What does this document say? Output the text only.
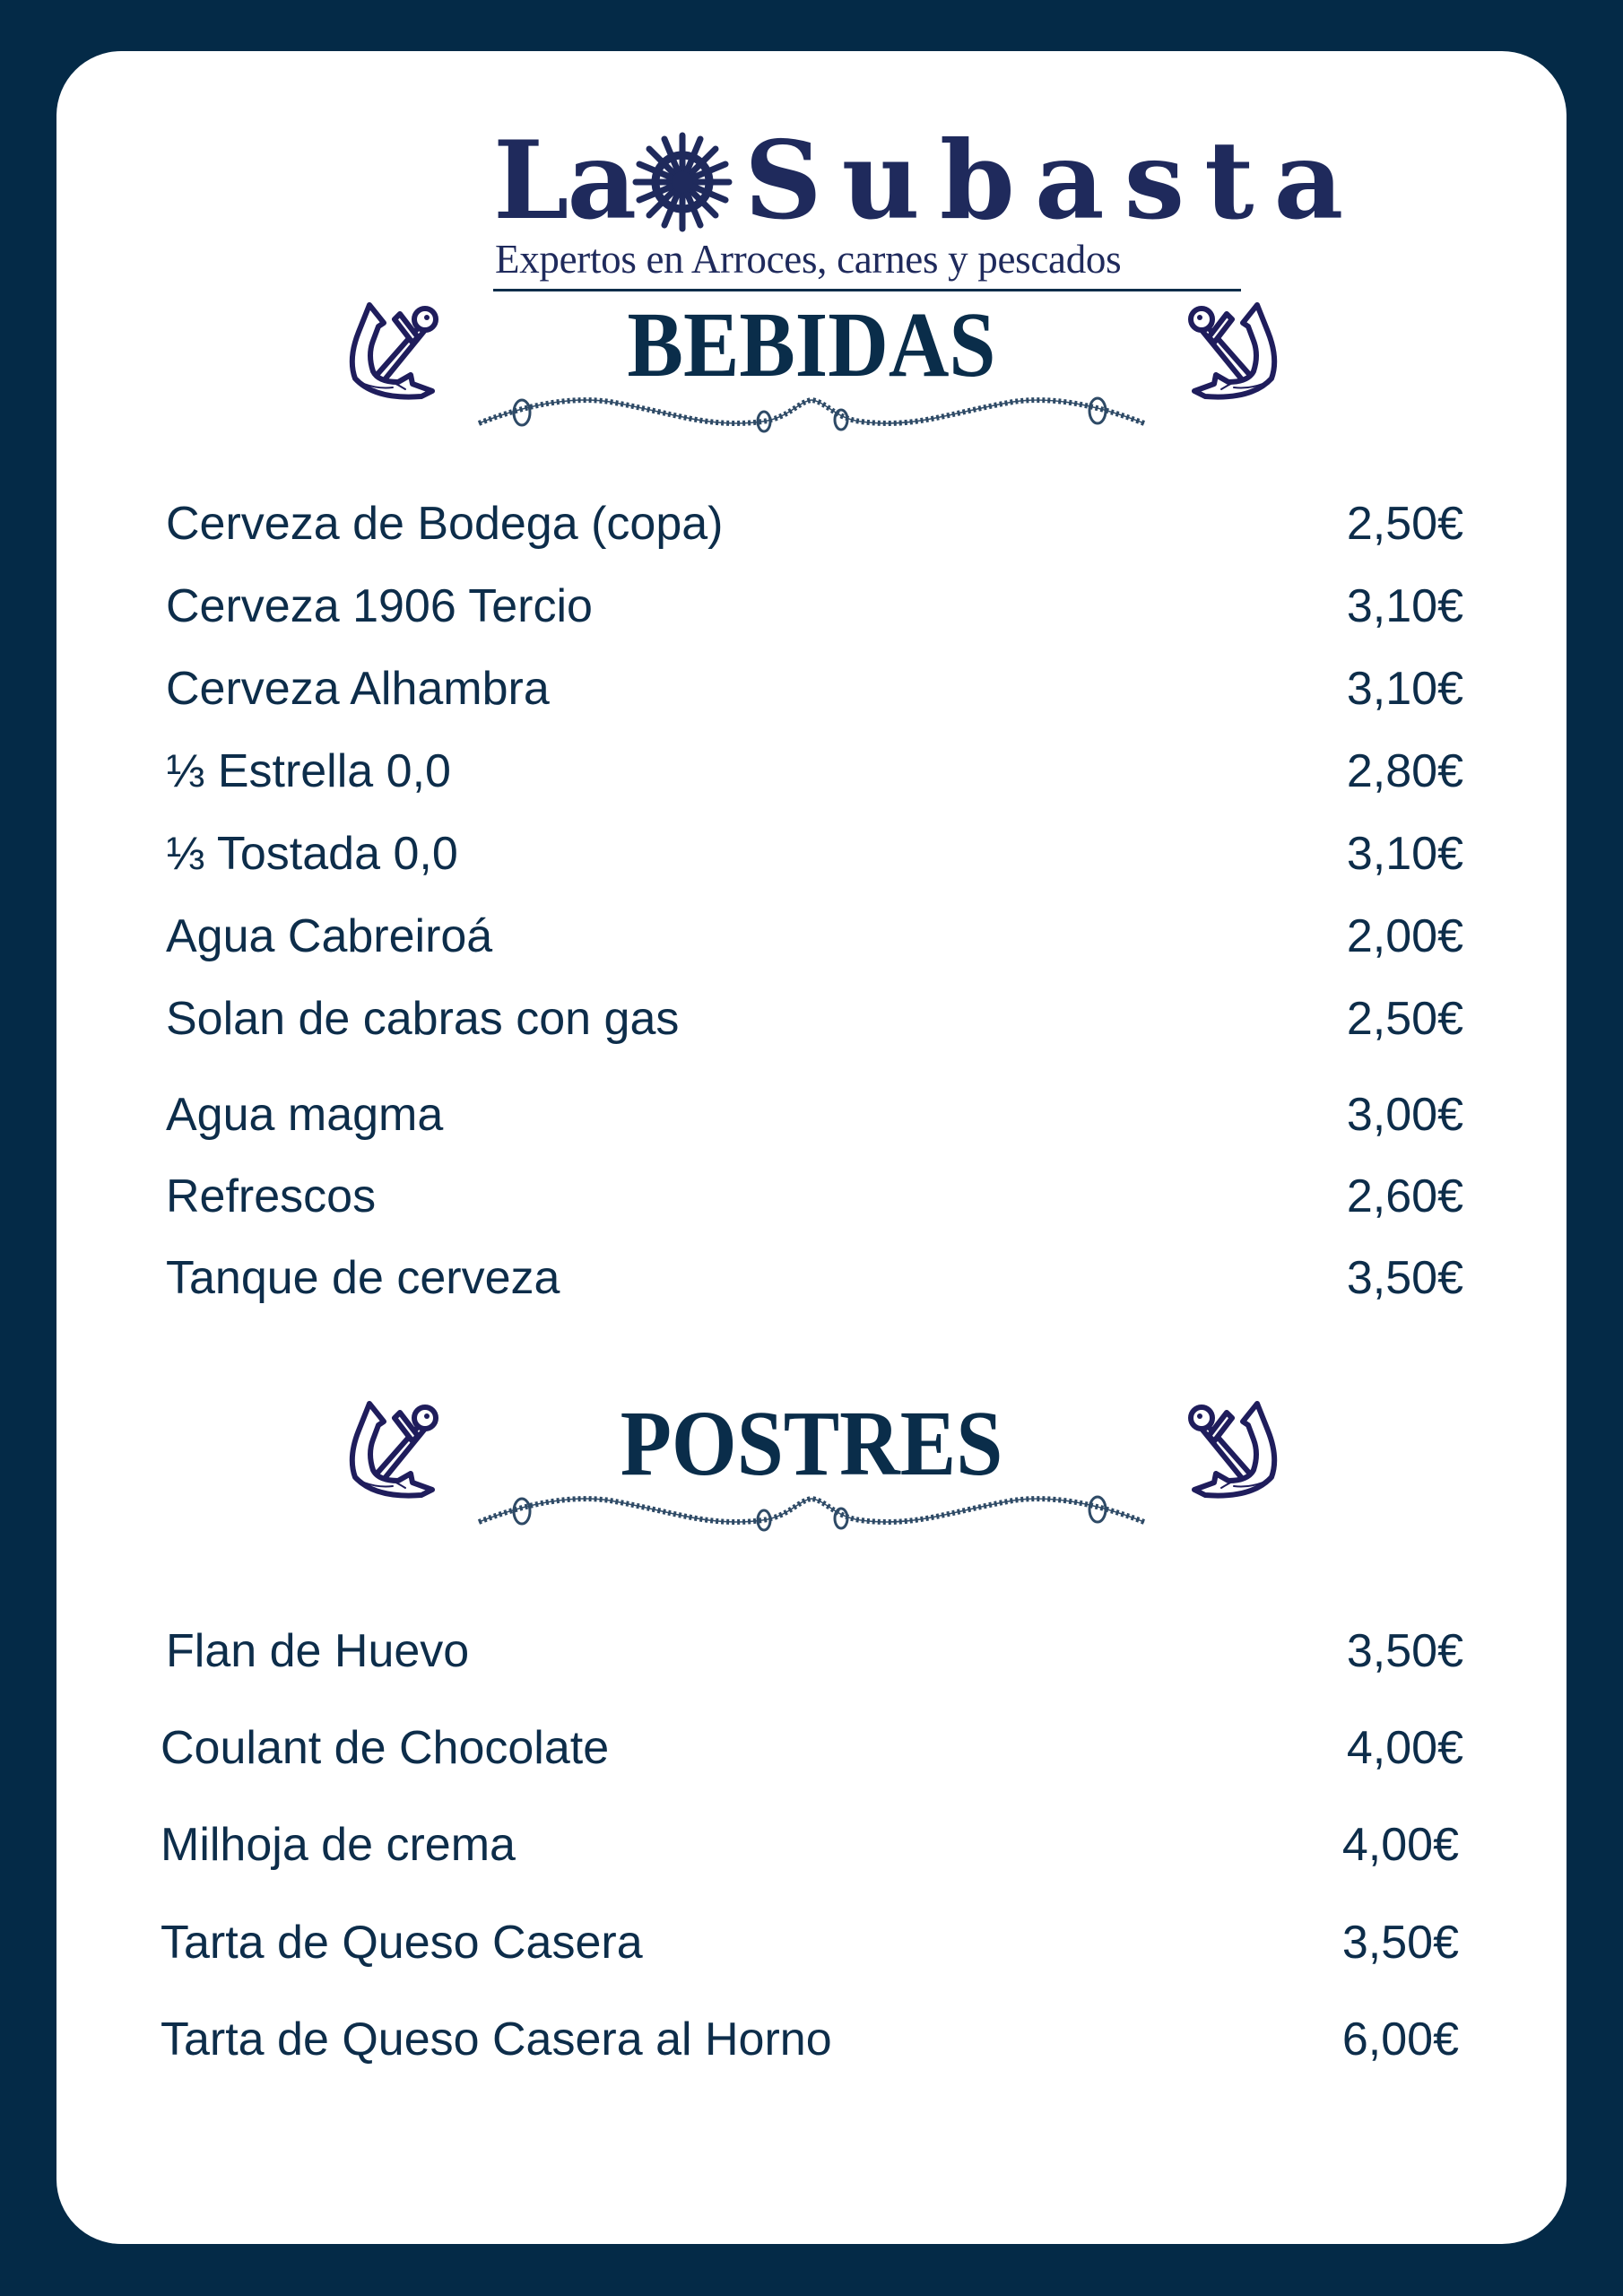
La Subasta
Expertos en Arroces, carnes y pescados
BEBIDAS
Cerveza de Bodega (copa)	2,50€
Cerveza 1906 Tercio	3,10€
Cerveza Alhambra	3,10€
⅓ Estrella 0,0	2,80€
⅓ Tostada 0,0	3,10€
Agua Cabreiroá	2,00€
Solan de cabras con gas	2,50€
Agua magma	3,00€
Refrescos	2,60€
Tanque de cerveza	3,50€
POSTRES
Flan de Huevo	3,50€
Coulant de Chocolate	4,00€
Milhoja de crema	4,00€
Tarta de Queso Casera	3,50€
Tarta de Queso Casera al Horno	6,00€
